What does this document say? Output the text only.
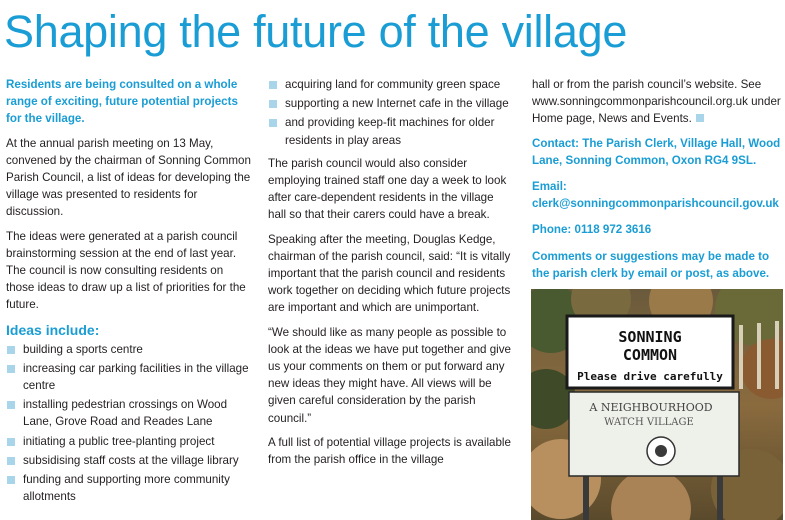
Shaping the future of the village

Residents are being consulted on a whole range of exciting, future potential projects for the village.

At the annual parish meeting on 13 May, convened by the chairman of Sonning Common Parish Council, a list of ideas for developing the village was presented to residents for discussion.

The ideas were generated at a parish council brainstorming session at the end of last year. The council is now consulting residents on those ideas to draw up a list of priorities for the future.

Ideas include:
building a sports centre
increasing car parking facilities in the village centre
installing pedestrian crossings on Wood Lane, Grove Road and Reades Lane
initiating a public tree-planting project
subsidising staff costs at the village library
funding and supporting more community allotments
acquiring land for community green space
supporting a new Internet cafe in the village
and providing keep-fit machines for older residents in play areas

The parish council would also consider employing trained staff one day a week to look after care-dependent residents in the village hall so that their carers could have a break.

Speaking after the meeting, Douglas Kedge, chairman of the parish council, said: “It is vitally important that the parish council and residents work together on deciding which future projects are important and which are unimportant.

“We should like as many people as possible to look at the ideas we have put together and give us your comments on them or put forward any new ideas they might have. All views will be given careful consideration by the parish council.”

A full list of potential village projects is available from the parish office in the village

hall or from the parish council’s website. See www.sonningcommonparishcouncil.org.uk under Home page, News and Events.

Contact: The Parish Clerk, Village Hall, Wood Lane, Sonning Common, Oxon RG4 9SL.

Email: clerk@sonningcommonparishcouncil.gov.uk

Phone: 0118 972 3616

Comments or suggestions may be made to the parish clerk by email or post, as above.

SONNING
COMMON
Please drive carefully
A NEIGHBOURHOOD
WATCH VILLAGE
